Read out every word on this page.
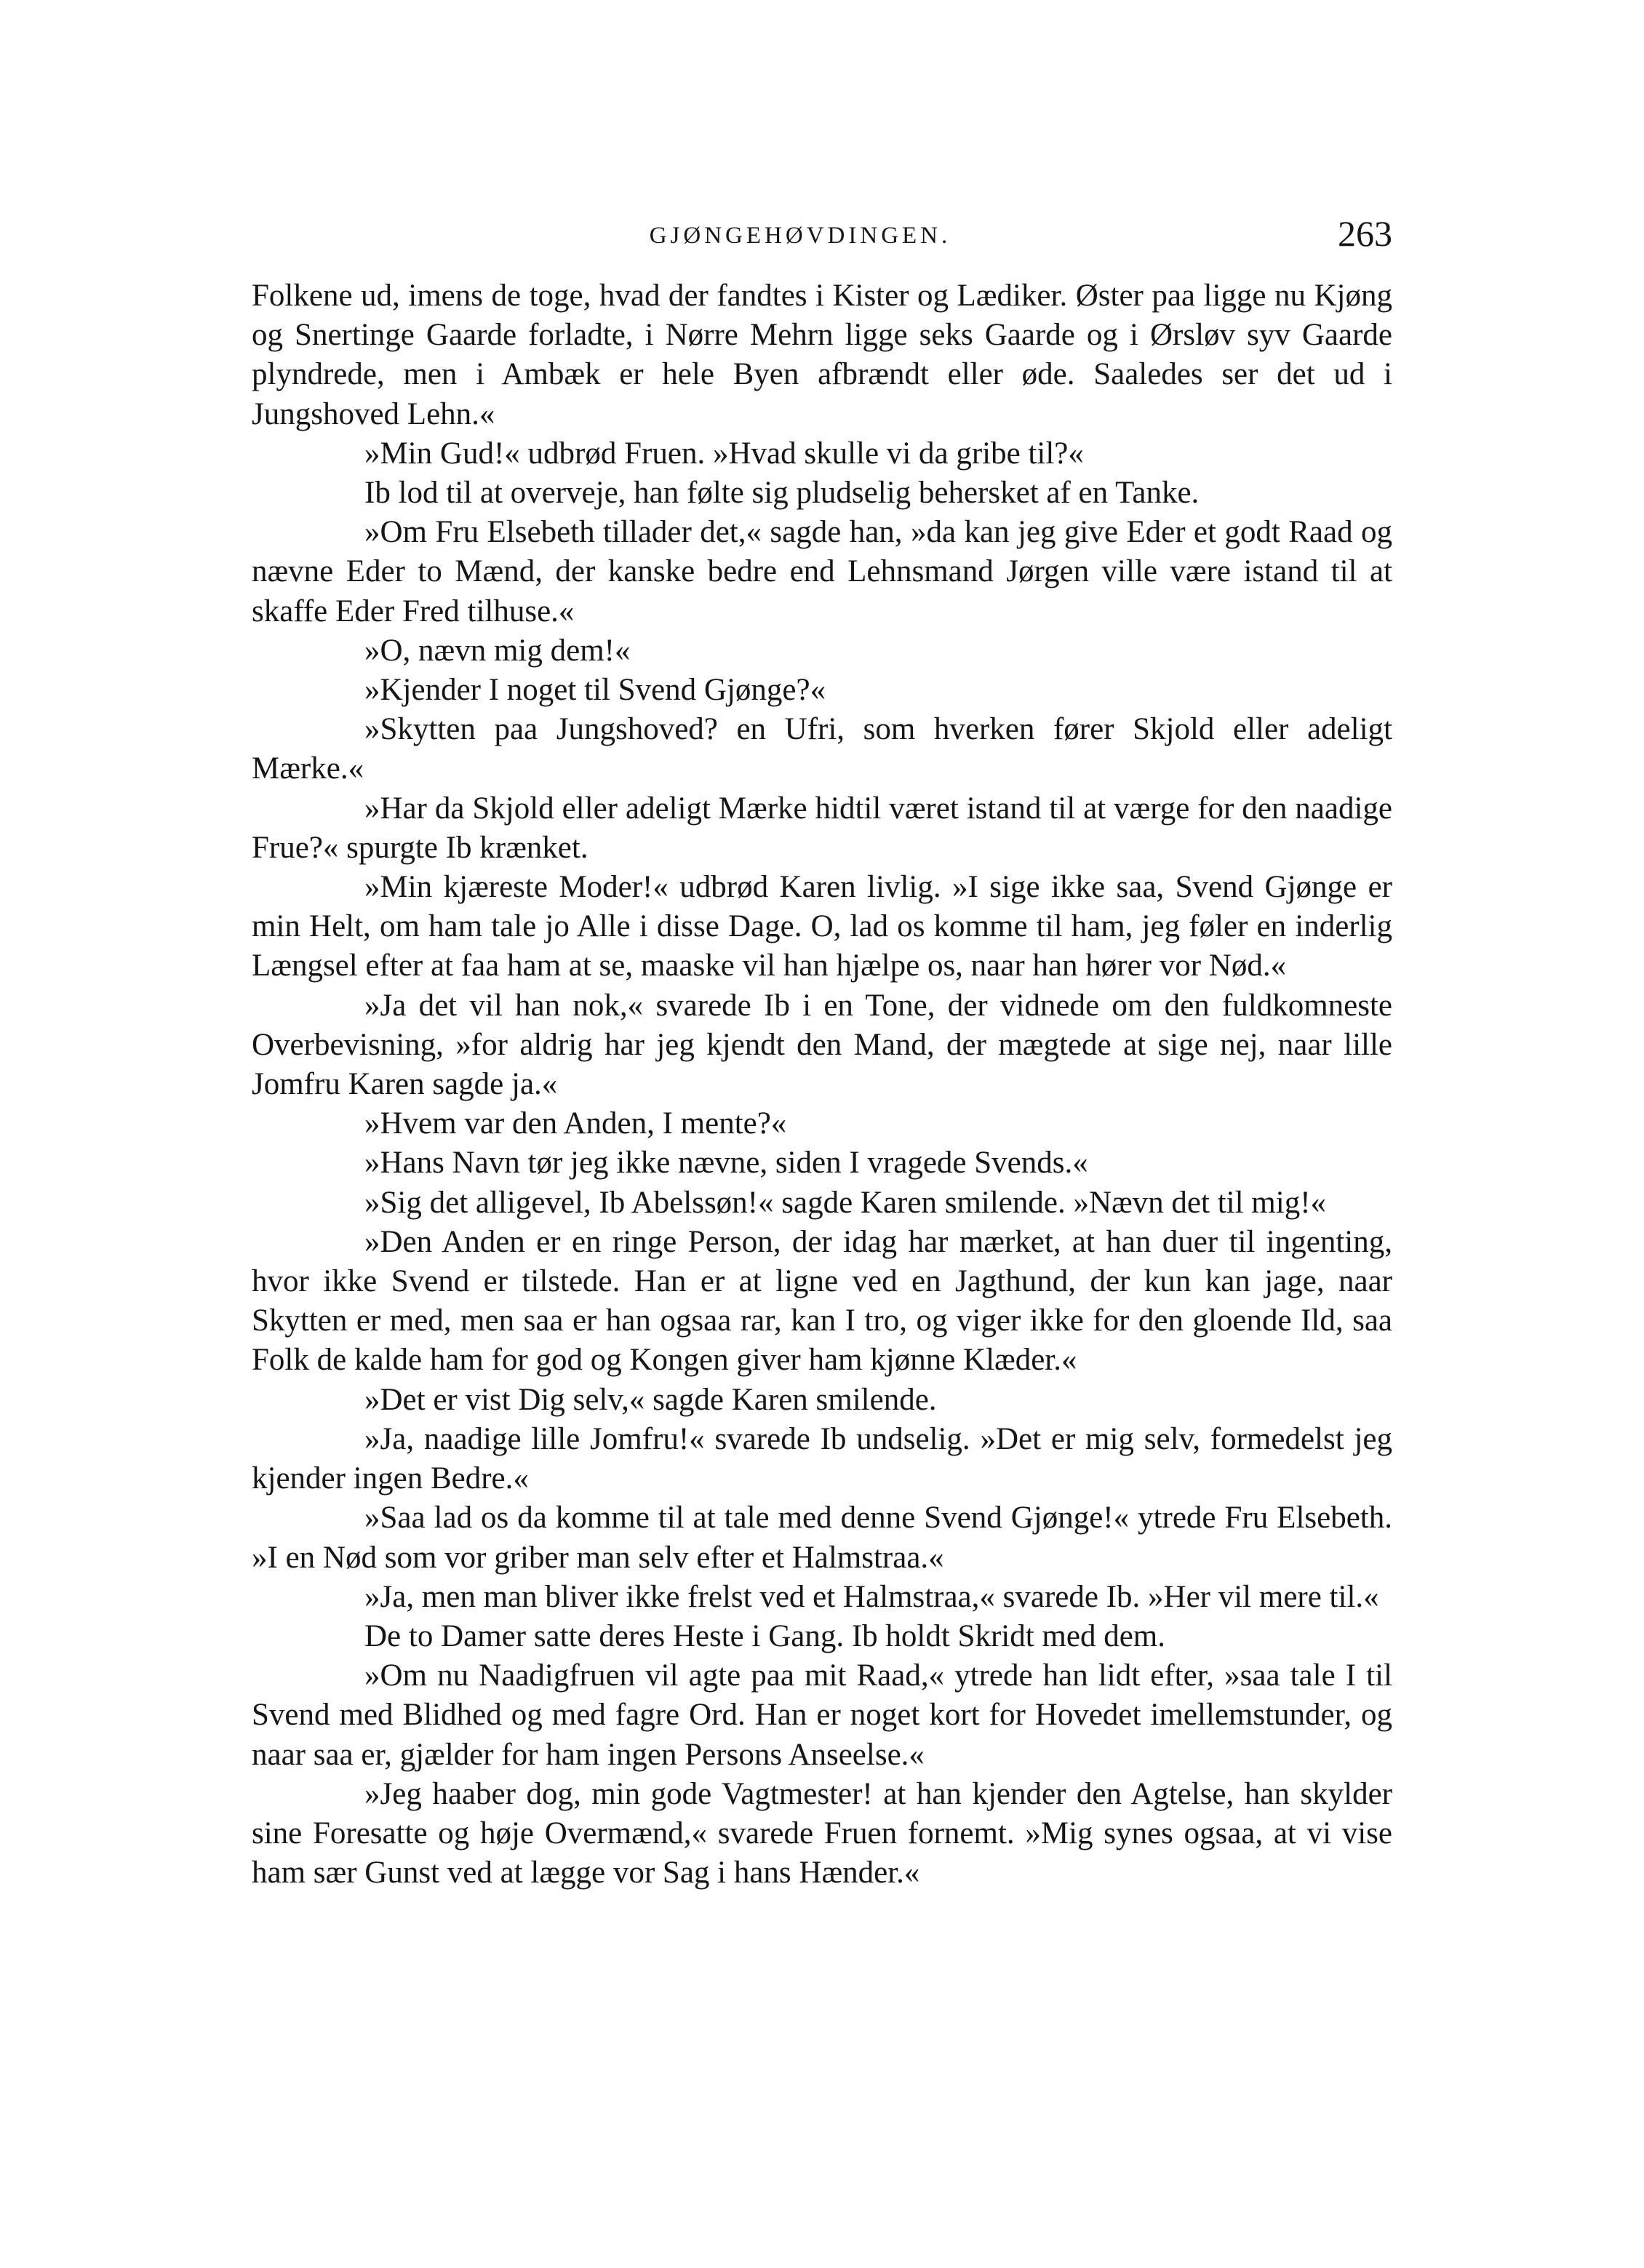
GJØNGEHØVDINGEN.	263

Folkene ud, imens de toge, hvad der fandtes i Kister og Lædiker. Øster paa ligge nu Kjøng og Snertinge Gaarde forladte, i Nørre Mehrn ligge seks Gaarde og i Ørsløv syv Gaarde plyndrede, men i Ambæk er hele Byen afbrændt eller øde. Saaledes ser det ud i Jungshoved Lehn.«

»Min Gud!« udbrød Fruen. »Hvad skulle vi da gribe til?«

Ib lod til at overveje, han følte sig pludselig behersket af en Tanke.

»Om Fru Elsebeth tillader det,« sagde han, »da kan jeg give Eder et godt Raad og nævne Eder to Mænd, der kanske bedre end Lehnsmand Jørgen ville være istand til at skaffe Eder Fred tilhuse.«

»O, nævn mig dem!«

»Kjender I noget til Svend Gjønge?«

»Skytten paa Jungshoved? en Ufri, som hverken fører Skjold eller adeligt Mærke.«

»Har da Skjold eller adeligt Mærke hidtil været istand til at værge for den naadige Frue?« spurgte Ib krænket.

»Min kjæreste Moder!« udbrød Karen livlig. »I sige ikke saa, Svend Gjønge er min Helt, om ham tale jo Alle i disse Dage. O, lad os komme til ham, jeg føler en inderlig Længsel efter at faa ham at se, maaske vil han hjælpe os, naar han hører vor Nød.«

»Ja det vil han nok,« svarede Ib i en Tone, der vidnede om den fuldkomneste Overbevisning, »for aldrig har jeg kjendt den Mand, der mægtede at sige nej, naar lille Jomfru Karen sagde ja.«

»Hvem var den Anden, I mente?«

»Hans Navn tør jeg ikke nævne, siden I vragede Svends.«

»Sig det alligevel, Ib Abelssøn!« sagde Karen smilende. »Nævn det til mig!«

»Den Anden er en ringe Person, der idag har mærket, at han duer til ingenting, hvor ikke Svend er tilstede. Han er at ligne ved en Jagthund, der kun kan jage, naar Skytten er med, men saa er han ogsaa rar, kan I tro, og viger ikke for den gloende Ild, saa Folk de kalde ham for god og Kongen giver ham kjønne Klæder.«

»Det er vist Dig selv,« sagde Karen smilende.

»Ja, naadige lille Jomfru!« svarede Ib undselig. »Det er mig selv, formedelst jeg kjender ingen Bedre.«

»Saa lad os da komme til at tale med denne Svend Gjønge!« ytrede Fru Elsebeth. »I en Nød som vor griber man selv efter et Halmstraa.«

»Ja, men man bliver ikke frelst ved et Halmstraa,« svarede Ib. »Her vil mere til.«

De to Damer satte deres Heste i Gang. Ib holdt Skridt med dem.

»Om nu Naadigfruen vil agte paa mit Raad,« ytrede han lidt efter, »saa tale I til Svend med Blidhed og med fagre Ord. Han er noget kort for Hovedet imellemstunder, og naar saa er, gjælder for ham ingen Persons Anseelse.«

»Jeg haaber dog, min gode Vagtmester! at han kjender den Agtelse, han skylder sine Foresatte og høje Overmænd,« svarede Fruen fornemt. »Mig synes ogsaa, at vi vise ham sær Gunst ved at lægge vor Sag i hans Hænder.«
